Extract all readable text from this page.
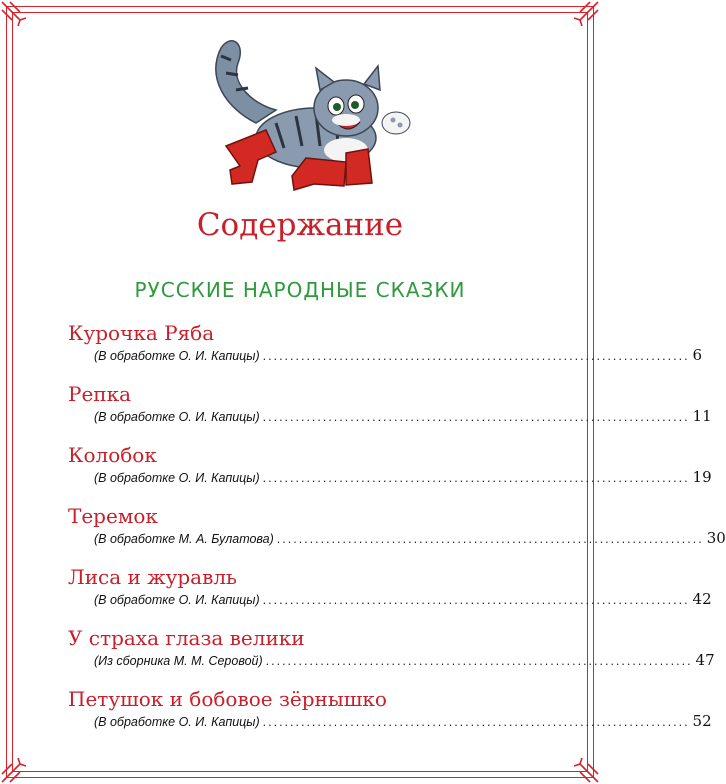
Содержание
РУССКИЕ НАРОДНЫЕ СКАЗКИ
Курочка Ряба
(В обработке О. И. Капицы) .............................................................................. 6
Репка
(В обработке О. И. Капицы) .............................................................................. 11
Колобок
(В обработке О. И. Капицы) .............................................................................. 19
Теремок
(В обработке М. А. Булатова) .............................................................................. 30
Лиса и журавль
(В обработке О. И. Капицы) .............................................................................. 42
У страха глаза велики
(Из сборника М. М. Серовой) .............................................................................. 47
Петушок и бобовое зёрнышко
(В обработке О. И. Капицы) .............................................................................. 52
